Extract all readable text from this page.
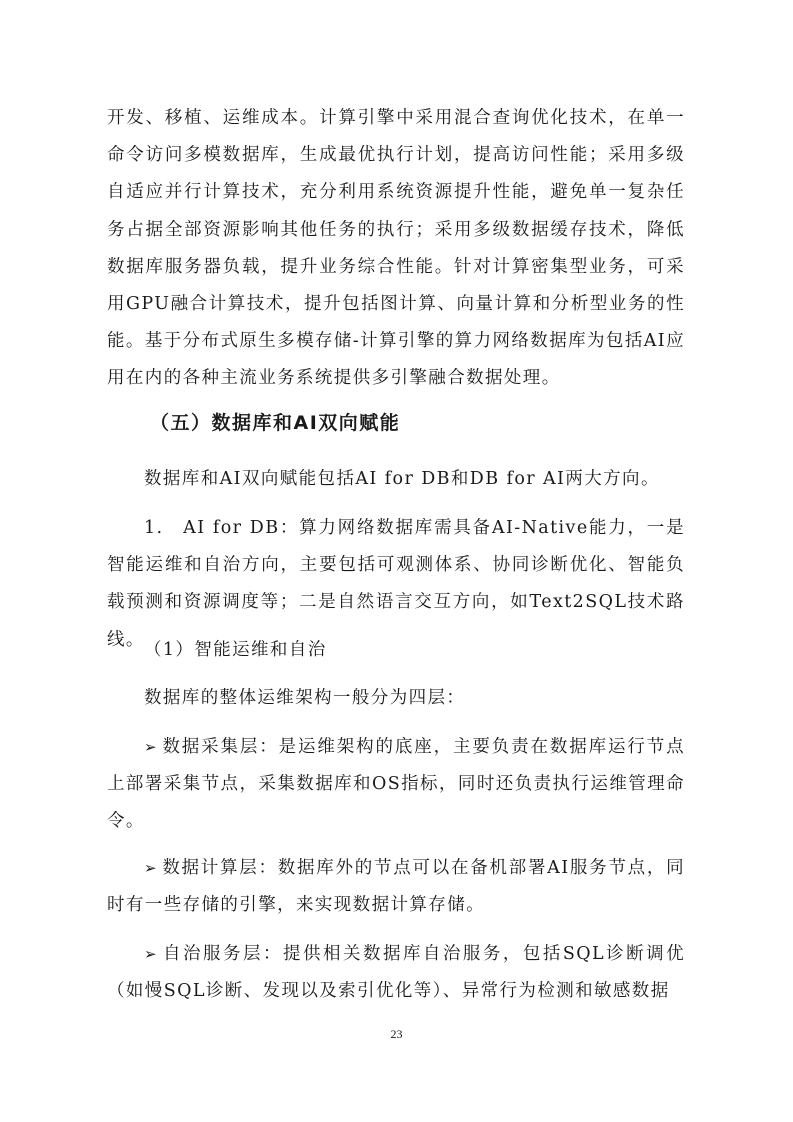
开发、移植、运维成本。计算引擎中采用混合查询优化技术，在单一命令访问多模数据库，生成最优执行计划，提高访问性能；采用多级自适应并行计算技术，充分利用系统资源提升性能，避免单一复杂任务占据全部资源影响其他任务的执行；采用多级数据缓存技术，降低数据库服务器负载，提升业务综合性能。针对计算密集型业务，可采用GPU融合计算技术，提升包括图计算、向量计算和分析型业务的性能。基于分布式原生多模存储-计算引擎的算力网络数据库为包括AI应用在内的各种主流业务系统提供多引擎融合数据处理。

（五）数据库和AI双向赋能

数据库和AI双向赋能包括AI for DB和DB for AI两大方向。

1.　AI for DB：算力网络数据库需具备AI-Native能力，一是智能运维和自治方向，主要包括可观测体系、协同诊断优化、智能负载预测和资源调度等；二是自然语言交互方向，如Text2SQL技术路线。

（1）智能运维和自治

数据库的整体运维架构一般分为四层：

➢ 数据采集层：是运维架构的底座，主要负责在数据库运行节点上部署采集节点，采集数据库和OS指标，同时还负责执行运维管理命令。

➢ 数据计算层：数据库外的节点可以在备机部署AI服务节点，同时有一些存储的引擎，来实现数据计算存储。

➢ 自治服务层：提供相关数据库自治服务，包括SQL诊断调优（如慢SQL诊断、发现以及索引优化等）、异常行为检测和敏感数据

23
